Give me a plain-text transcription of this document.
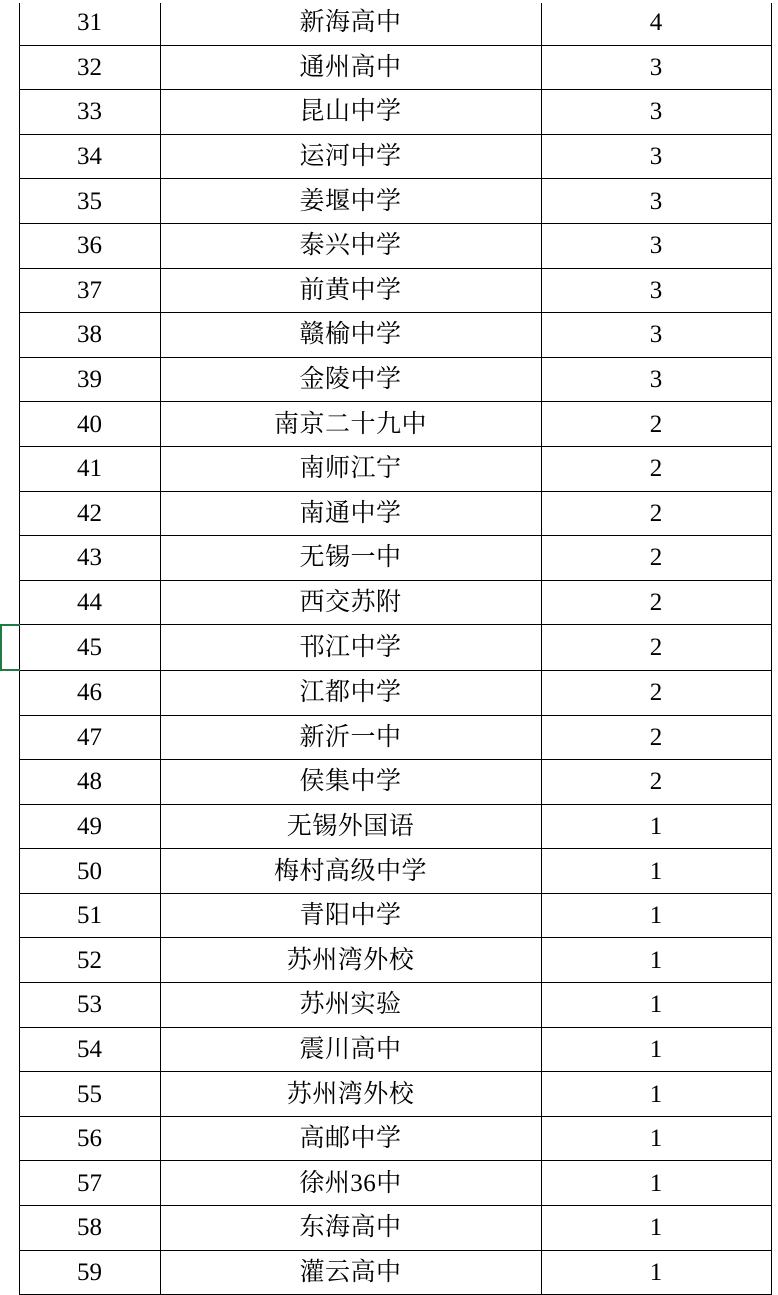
	31	新海高中	4	
	32	通州高中	3	
	33	昆山中学	3	
	34	运河中学	3	
	35	姜堰中学	3	
	36	泰兴中学	3	
	37	前黄中学	3	
	38	赣榆中学	3	
	39	金陵中学	3	
	40	南京二十九中	2	
	41	南师江宁	2	
	42	南通中学	2	
	43	无锡一中	2	
	44	西交苏附	2	
	45	邗江中学	2	
	46	江都中学	2	
	47	新沂一中	2	
	48	侯集中学	2	
	49	无锡外国语	1	
	50	梅村高级中学	1	
	51	青阳中学	1	
	52	苏州湾外校	1	
	53	苏州实验	1	
	54	震川高中	1	
	55	苏州湾外校	1	
	56	高邮中学	1	
	57	徐州36中	1	
	58	东海高中	1	
	59	灌云高中	1	
